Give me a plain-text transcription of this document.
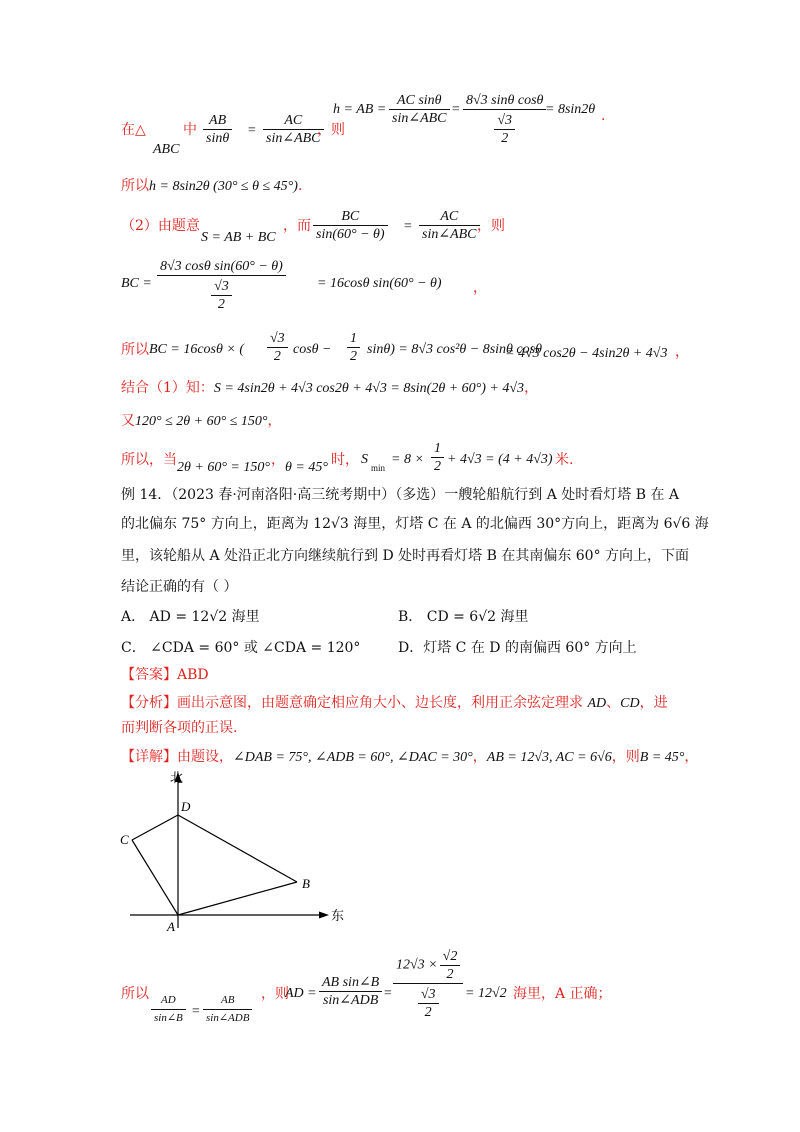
在△
ABC
中 $\frac{AB}{\sin\theta}$ =
AC
sin∠ABC
，则
h = AB =
AC sinθ
sin∠ABC
= $\frac{\text{8√3 sinθ cosθ}}{\frac{√3}{2}}$
= 8sin2θ .
所以h = 8sin2θ (30° ≤ θ ≤ 45°).
（2）由题意
S = AB + BC
，而 $\frac{BC}{\sin(60^\circ - \theta)}$ =
AC
sin∠ABC
，则
BC = $\frac{\text{8√3 cosθ sin(60° − θ)}}{\frac{√3}{2}} = 16\cos\theta$ sin(60° − θ) ，
所以 BC = 16cosθ × ( $\frac{√3}{2}$ $\cos\theta - \frac{1}{2} \sin\theta) = 8√3$ cos²θ − 8sinθ cosθ
= 4√3 cos2θ − 4sin2θ + 4√3 ，
结合（1）知：S = 4sin2θ + 4√3 cos2θ + 4√3 = 8sin(2θ + 60°) + 4√3，
又120° ≤ 2θ + 60° ≤ 150°，
所以，当 2θ + 60° = 150° ， θ = 45° 时， S
min
= $8 \times \frac{1}{2} + 4√3 = (4 + 4√3)$ 米.
例 14．（2023 春·河南洛阳·高三统考期中）（多选）一艘轮船航行到 A 处时看灯塔 B 在 A
的北偏东 75° 方向上，距离为 12√3 海里，灯塔 C 在 A 的北偏西 30°方向上，距离为 6√6 海
里，该轮船从 A 处沿正北方向继续航行到 D 处时再看灯塔 B 在其南偏东 60° 方向上，下面
结论正确的有（ ）
A． AD = 12√2 海里	B． CD = 6√2 海里
C． ∠CDA = 60° 或 ∠CDA = 120°	D．灯塔 C 在 D 的南偏西 60° 方向上
【答案】ABD
【分析】画出示意图，由题意确定相应角大小、边长度，利用正余弦定理求 AD、CD，进
而判断各项的正误.
【详解】由题设，∠DAB = 75°, ∠ADB = 60°, ∠DAC = 30°，AB = 12√3, AC = 6√6，则B = 45°，
北
东
A
B
C
D
所以 $\frac{AD}{\sin\angle B}$ =
AB
sin∠ADB
，则
AD =
AB sin∠B
sin∠ADB = $\frac{12√3 \times \frac{√2}{2}}{\frac{√3}{2}} = 12√2$ 海里，A 正确；
